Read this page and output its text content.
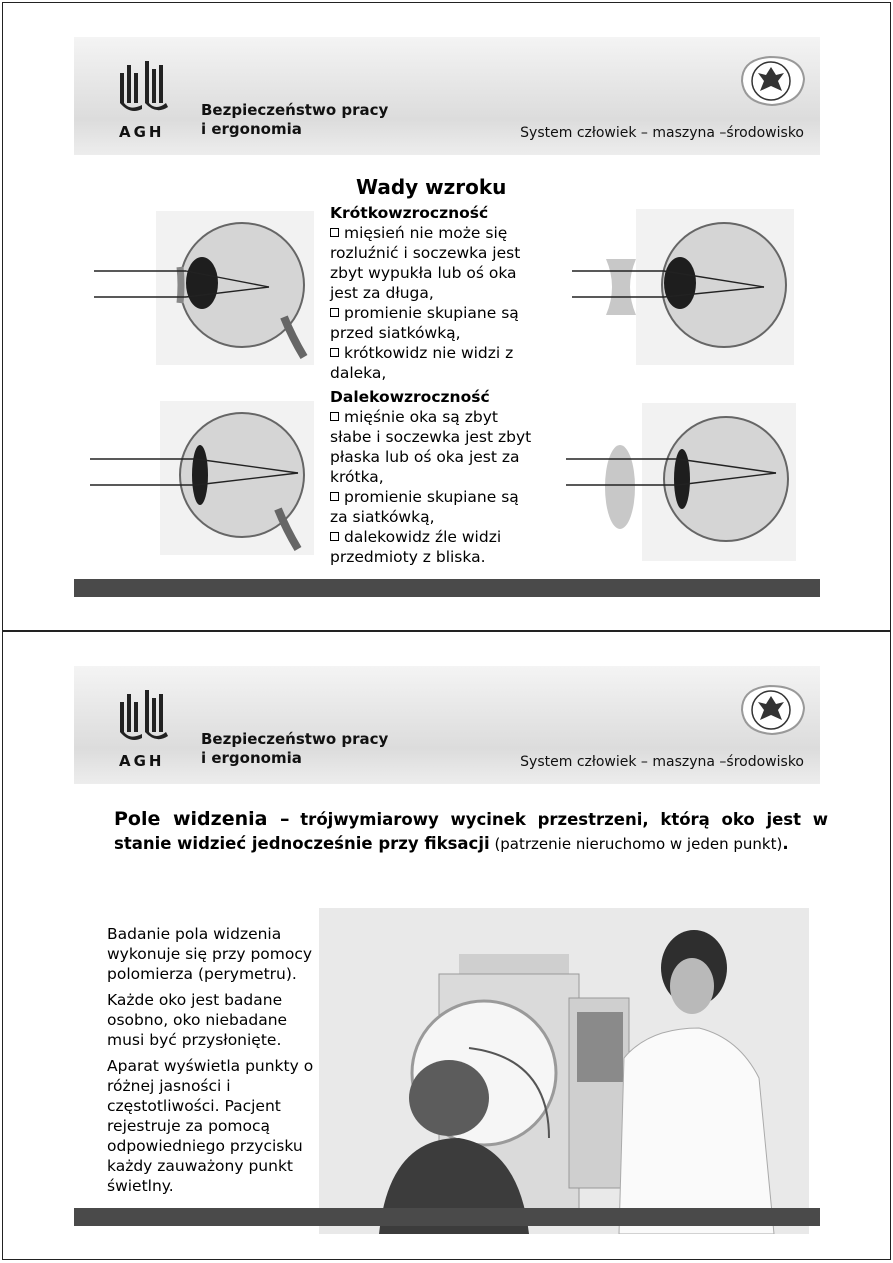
AGH
Bezpieczeństwo pracy
i ergonomia	System człowiek – maszyna –środowisko
Wady wzroku
Krótkowzroczność
mięsień nie może się
rozluźnić i soczewka jest
zbyt wypukła lub oś oka
jest za długa,
promienie skupiane są
przed siatkówką,
krótkowidz nie widzi z
daleka,
Dalekowzroczność
mięśnie oka są zbyt
słabe i soczewka jest zbyt
płaska lub oś oka jest za
krótka,
promienie skupiane są
za siatkówką,
dalekowidz źle widzi
przedmioty z bliska.
AGH
Bezpieczeństwo pracy
i ergonomia	System człowiek – maszyna –środowisko
Pole widzenia – trójwymiarowy wycinek przestrzeni, którą oko jest w stanie widzieć jednocześnie przy fiksacji (patrzenie nieruchomo w jeden punkt).

Badanie pola widzenia wykonuje się przy pomocy polomierza (perymetru).

Każde oko jest badane osobno, oko niebadane musi być przysłonięte.

Aparat wyświetla punkty o różnej jasności i częstotliwości. Pacjent rejestruje za pomocą odpowiedniego przycisku każdy zauważony punkt świetlny.
